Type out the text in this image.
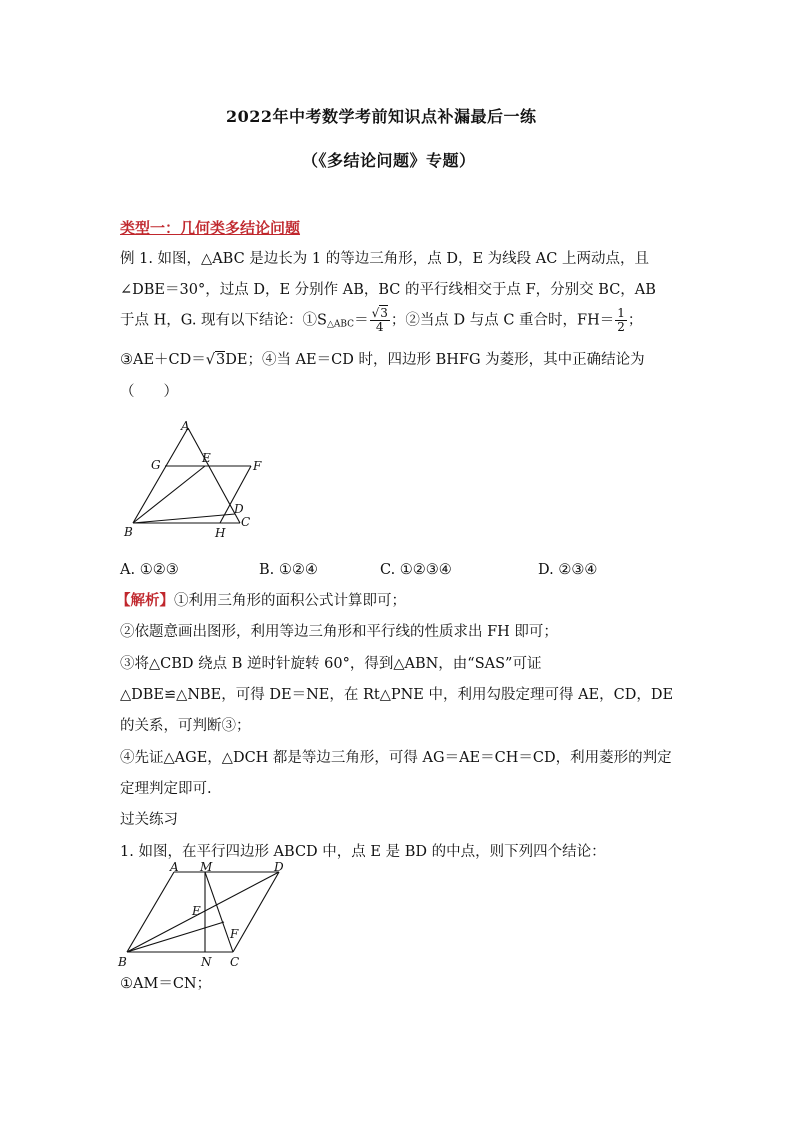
2022年中考数学考前知识点补漏最后一练
（《多结论问题》专题）
类型一：几何类多结论问题
例 1. 如图，△ABC 是边长为 1 的等边三角形，点 D，E 为线段 AC 上两动点，且
∠DBE＝30°，过点 D，E 分别作 AB，BC 的平行线相交于点 F，分别交 BC，AB
于点 H，G. 现有以下结论：$①S_{\triangle ABC}= \frac{√3}{4}$ ；②当点 D 与点 C 重合时，$FH= \frac{1}{2}$ ；
③AE＋CD＝√3DE；④当 AE＝CD 时，四边形 BHFG 为菱形，其中正确结论为
（　　）
A
G	E
F
D
C
B	H
A. ①②③	B. ①②④	C. ①②③④	D. ②③④
【解析】①利用三角形的面积公式计算即可；
②依题意画出图形，利用等边三角形和平行线的性质求出 FH 即可；
③将△CBD 绕点 B 逆时针旋转 60°，得到△ABN，由“SAS”可证
△DBE≌△NBE，可得 DE＝NE，在 Rt△PNE 中，利用勾股定理可得 AE，CD，DE
的关系，可判断③；
④先证△AGE，△DCH 都是等边三角形，可得 AG＝AE＝CH＝CD，利用菱形的判定
定理判定即可.
过关练习
1. 如图，在平行四边形 ABCD 中，点 E 是 BD 的中点，则下列四个结论：
A M	D
E
F
B	N C
①AM＝CN；
